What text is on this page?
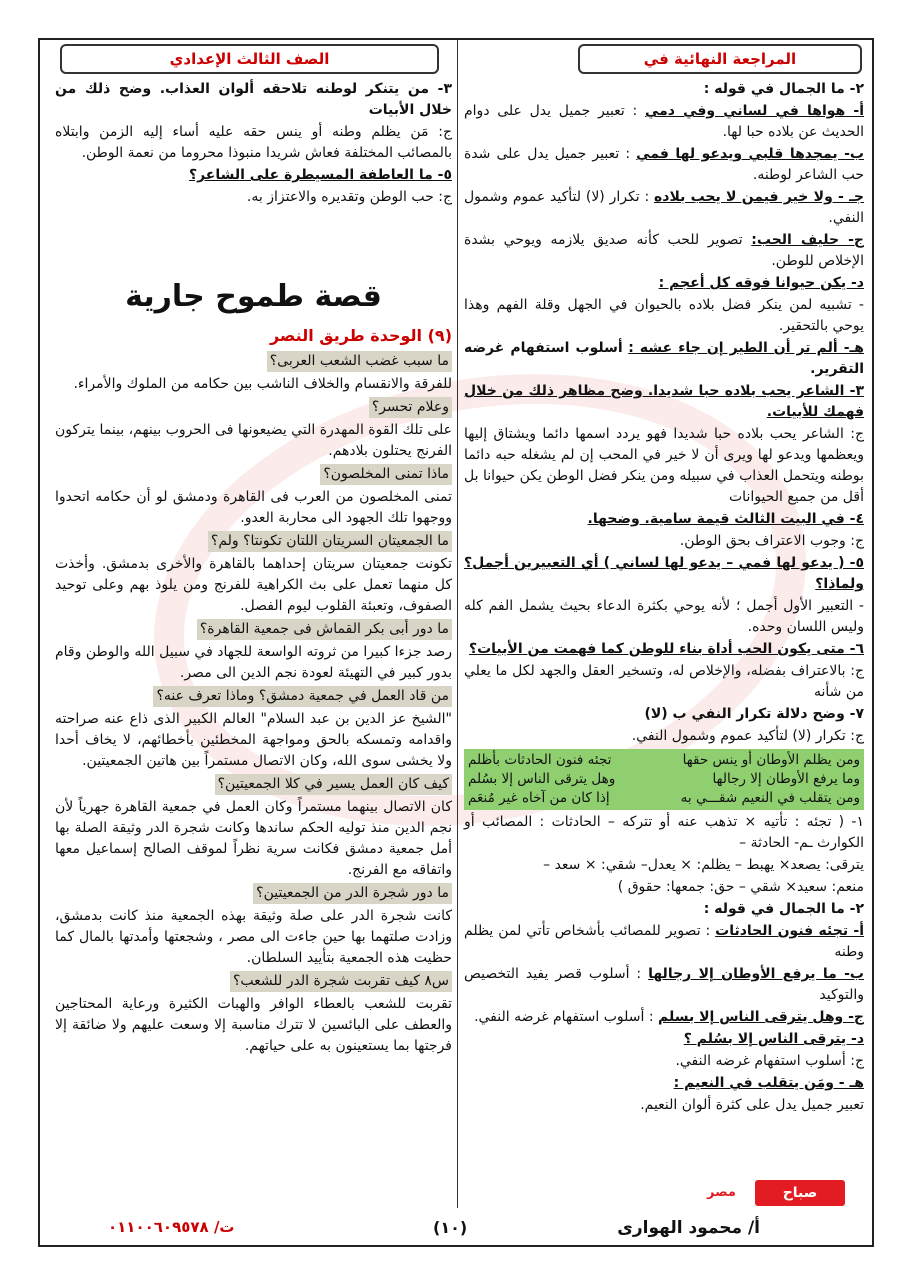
المراجعة النهائية في
الصف الثالث الإعدادي

٢- ما الجمال في قوله :

أ- هواها في لساني وفي دمي : تعبير جميل يدل على دوام الحديث عن بلاده حبا لها.

ب- يمجدها قلبي ويدعو لها فمي : تعبير جميل يدل على شدة حب الشاعر لوطنه.

جـ - ولا خير فيمن لا يحب بلاده : تكرار (لا) لتأكيد عموم وشمول النفي.

ج- حليف الحب: تصوير للحب كأنه صديق يلازمه ويوحي بشدة الإخلاص للوطن.

د- يكن حيوانا فوقه كل أعجم :

- تشبيه لمن ينكر فضل بلاده بالحيوان في الجهل وقلة الفهم وهذا يوحي بالتحقير.

هـ- ألم تر أن الطير إن جاء عشه : أسلوب استفهام غرضه التقرير.

٣- الشاعر يحب بلاده حبا شديدا. وضح مظاهر ذلك من خلال فهمك للأبيات.

ج: الشاعر يحب بلاده حبا شديدا فهو يردد اسمها دائما ويشتاق إليها ويعظمها ويدعو لها ويرى أن لا خير في المحب إن لم يشغله حبه دائما بوطنه ويتحمل العذاب في سبيله ومن ينكر فضل الوطن يكن حيوانا بل أقل من جميع الحيوانات

٤- في البيت الثالث قيمة سامية. وضحها.

ج: وجوب الاعتراف بحق الوطن.

٥- ( يدعو لها فمي – يدعو لها لساني ) أي التعبيرين أجمل؟ ولماذا؟

- التعبير الأول أجمل ؛ لأنه يوحي بكثرة الدعاء بحيث يشمل الفم كله وليس اللسان وحده.

٦- متى يكون الحب أداة بناء للوطن كما فهمت من الأبيات؟

ج: بالاعتراف بفضله، والإخلاص له، وتسخير العقل والجهد لكل ما يعلي من شأنه

٧- وضح دلالة تكرار النفي ب (لا)

ج: تكرار (لا) لتأكيد عموم وشمول النفي.

ومن يظلم الأوطان أو ينس حقها
تجئه فنون الحادثات بأظلم
وما يرفع الأوطان إلا رجالها
وهل يترقى الناس إلا بسُلم
ومن يتقلب في النعيم شقـــي به
إذا كان من آخاه غير مُنعَم

١- ( تجئه : تأتيه × تذهب عنه أو تتركه – الحادثات : المصائب أو الكوارث ـم- الحادثة –

يترقى: يصعد× يهبط – يظلم: × يعدل– شقي: × سعد –

منعم: سعيد× شقي – حق: جمعها: حقوق )

٢- ما الجمال في قوله :

أ- تجئه فنون الحادثات : تصوير للمصائب بأشخاص تأتي لمن يظلم وطنه

ب- ما يرفع الأوطان إلا رجالها : أسلوب قصر يفيد التخصيص والتوكيد

ج- وهل يترقى الناس إلا بسلم : أسلوب استفهام غرضه النفي.

د- يترقى الناس إلا بسُلم ؟

ج: أسلوب استفهام غرضه النفي.

هـ - ومَن يتقلب في النعيم :

تعبير جميل يدل على كثرة ألوان النعيم.

٣- من يتنكر لوطنه تلاحقه ألوان العذاب. وضح ذلك من خلال الأبيات

ج: مَن يظلم وطنه أو ينس حقه عليه أساء إليه الزمن وابتلاه بالمصائب المختلفة فعاش شريدا منبوذا محروما من نعمة الوطن.

٥- ما العاطفة المسيطرة على الشاعر؟

ج: حب الوطن وتقديره والاعتزاز به.

قصة طموح جارية
(٩) الوحدة طريق النصر
ما سبب غضب الشعب العربى؟

للفرقة والانقسام والخلاف الناشب بين حكامه من الملوك والأمراء.

وعلام تحسر؟

على تلك القوة المهدرة التي يضيعونها فى الحروب بينهم، بينما يتركون الفرنج يحتلون بلادهم.

ماذا تمنى المخلصون؟

تمنى المخلصون من العرب فى القاهرة ودمشق لو أن حكامه اتحدوا ووجهوا تلك الجهود الى محاربة العدو.

ما الجمعيتان السريتان اللتان تكونتا؟ ولم؟

تكونت جمعيتان سريتان إحداهما بالقاهرة والأخرى بدمشق. وأخذت كل منهما تعمل على بث الكراهية للفرنج ومن يلوذ بهم وعلى توحيد الصفوف، وتعبئة القلوب ليوم الفصل.

ما دور أبى بكر القماش فى جمعية القاهرة؟

رصد جزءا كبيرا من ثروته الواسعة للجهاد في سبيل الله والوطن وقام بدور كبير في التهيئة لعودة نجم الدين الى مصر.

من قاد العمل في جمعية دمشق؟ وماذا تعرف عنه؟

"الشيخ عز الدين بن عبد السلام" العالم الكبير الذى ذاع عنه صراحته واقدامه وتمسكه بالحق ومواجهة المخطئين بأخطائهم، لا يخاف أحدا ولا يخشى سوى الله، وكان الاتصال مستمراً بين هاتين الجمعيتين.

كيف كان العمل يسير في كلا الجمعيتين؟

كان الاتصال بينهما مستمراً وكان العمل في جمعية القاهرة جهرياً لأن نجم الدين منذ توليه الحكم ساندها وكانت شجرة الدر وثيقة الصلة بها أمل جمعية دمشق فكانت سرية نظراً لموقف الصالح إسماعيل معها واتفاقه مع الفرنج.

ما دور شجرة الدر من الجمعيتين؟

كانت شجرة الدر على صلة وثيقة بهذه الجمعية منذ كانت بدمشق، وزادت صلتهما بها حين جاءت الى مصر ، وشجعتها وأمدتها بالمال كما حظيت هذه الجمعية بتأييد السلطان.

س٨ كيف تقربت شجرة الدر للشعب؟

تقربت للشعب بالعطاء الوافر والهبات الكثيرة ورعاية المحتاجين والعطف على البائسين لا تترك مناسبة إلا وسعت عليهم ولا ضائقة إلا فرجتها بما يستعينون به على حياتهم.

أ/ محمود الهوارى
(١٠)
ت/ ٠١١٠٠٦٠٩٥٧٨
صباح
مصر
